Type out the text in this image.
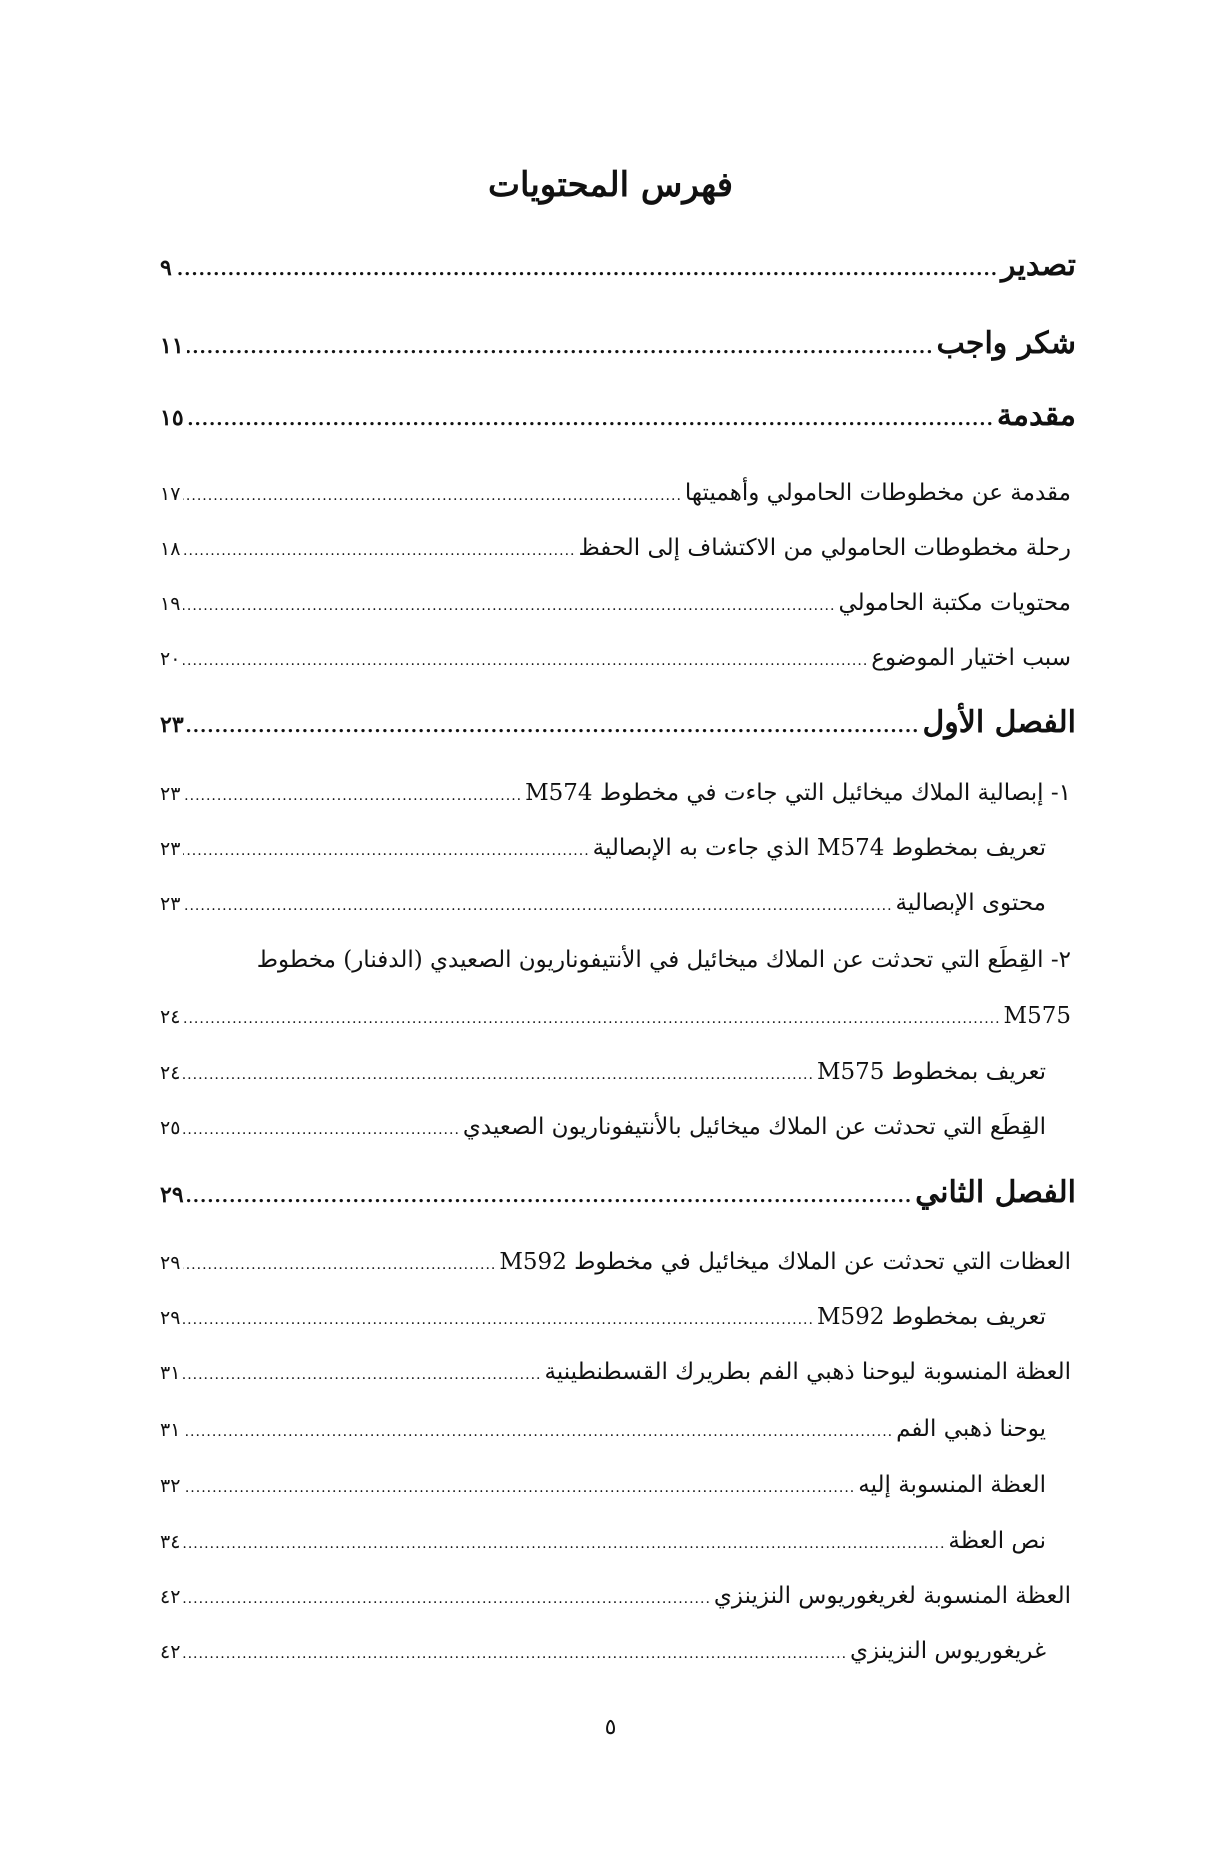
فهرس المحتويات
تصدير
.....
٩
شكر واجب
.....
١١
مقدمة
.....
١٥
مقدمة عن مخطوطات الحامولي وأهميتها
.....
١٧
رحلة مخطوطات الحامولي من الاكتشاف إلى الحفظ
.....
١٨
محتويات مكتبة الحامولي
.....
١٩
سبب اختيار الموضوع
.....
٢٠
الفصل الأول
.....
٢٣
١- إبصالية الملاك ميخائيل التي جاءت في مخطوط M574
.....
٢٣
تعريف بمخطوط M574 الذي جاءت به الإبصالية
.....
٢٣
محتوى الإبصالية
.....
٢٣
٢- القِطَع التي تحدثت عن الملاك ميخائيل في الأنتيفوناريون الصعيدي (الدفنار) مخطوط
M575
.....
٢٤
تعريف بمخطوط M575
.....
٢٤
القِطَع التي تحدثت عن الملاك ميخائيل بالأنتيفوناريون الصعيدي
.....
٢٥
الفصل الثاني
.....
٢٩
العظات التي تحدثت عن الملاك ميخائيل في مخطوط M592
.....
٢٩
تعريف بمخطوط M592
.....
٢٩
العظة المنسوبة ليوحنا ذهبي الفم بطريرك القسطنطينية
.....
٣١
يوحنا ذهبي الفم
.....
٣١
العظة المنسوبة إليه
.....
٣٢
نص العظة
.....
٣٤
العظة المنسوبة لغريغوريوس النزينزي
.....
٤٢
غريغوريوس النزينزي
.....
٤٢
٥
